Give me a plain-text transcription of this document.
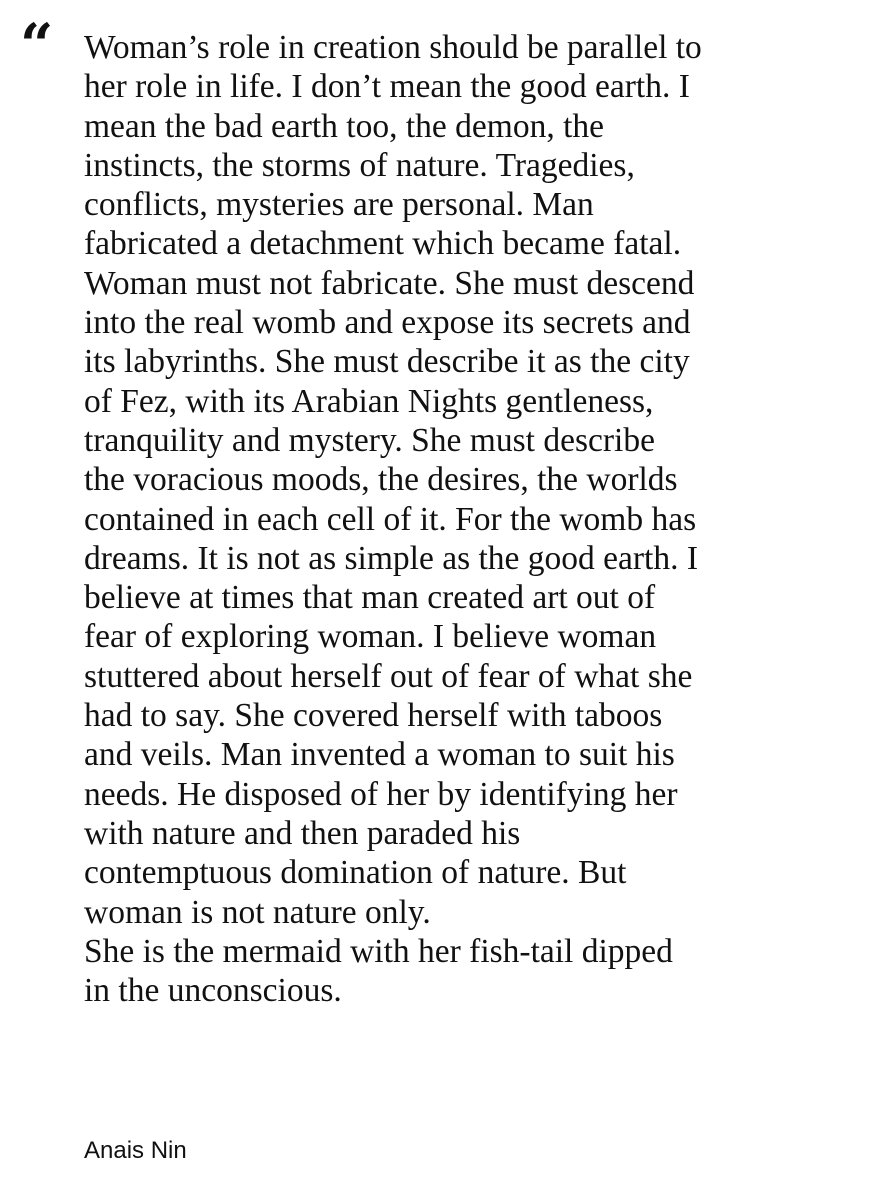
“ Woman’s role in creation should be parallel to
her role in life. I don’t mean the good earth. I
mean the bad earth too, the demon, the
instincts, the storms of nature. Tragedies,
conflicts, mysteries are personal. Man
fabricated a detachment which became fatal.
Woman must not fabricate. She must descend
into the real womb and expose its secrets and
its labyrinths. She must describe it as the city
of Fez, with its Arabian Nights gentleness,
tranquility and mystery. She must describe
the voracious moods, the desires, the worlds
contained in each cell of it. For the womb has
dreams. It is not as simple as the good earth. I
believe at times that man created art out of
fear of exploring woman. I believe woman
stuttered about herself out of fear of what she
had to say. She covered herself with taboos
and veils. Man invented a woman to suit his
needs. He disposed of her by identifying her
with nature and then paraded his
contemptuous domination of nature. But
woman is not nature only.
She is the mermaid with her fish-tail dipped
in the unconscious.
Anais Nin
